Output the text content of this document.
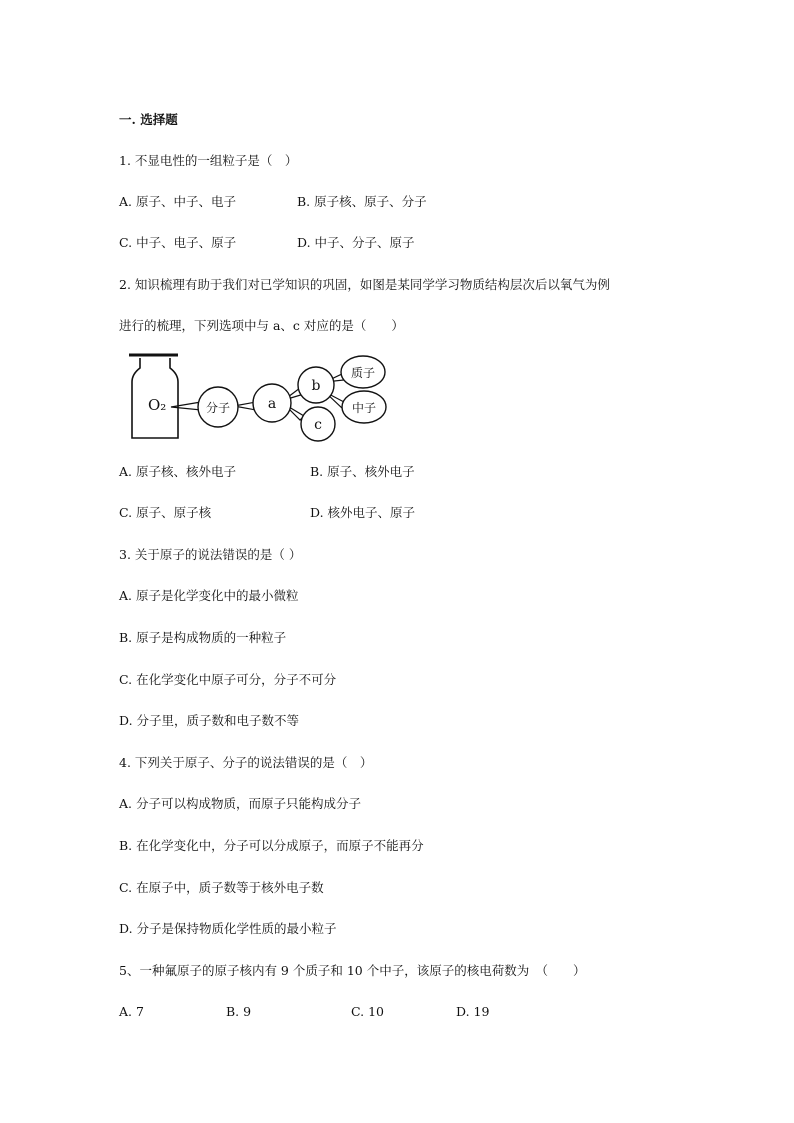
一. 选择题
1. 不显电性的一组粒子是（　）
A. 原子、中子、电子	B. 原子核、原子、分子
C. 中子、电子、原子	D. 中子、分子、原子
2. 知识梳理有助于我们对已学知识的巩固，如图是某同学学习物质结构层次后以氧气为例
进行的梳理，下列选项中与 a、c 对应的是（　　）
O₂	分子	a
b
c
质子
中子
A. 原子核、核外电子	B. 原子、核外电子
C. 原子、原子核	D. 核外电子、原子
3. 关于原子的说法错误的是（ ）
A. 原子是化学变化中的最小微粒
B. 原子是构成物质的一种粒子
C. 在化学变化中原子可分，分子不可分
D. 分子里，质子数和电子数不等
4. 下列关于原子、分子的说法错误的是（　）
A. 分子可以构成物质，而原子只能构成分子
B. 在化学变化中，分子可以分成原子，而原子不能再分
C. 在原子中，质子数等于核外电子数
D. 分子是保持物质化学性质的最小粒子
5、一种氟原子的原子核内有 9 个质子和 10 个中子，该原子的核电荷数为　（　　）
A. 7	B. 9	C. 10	D. 19
